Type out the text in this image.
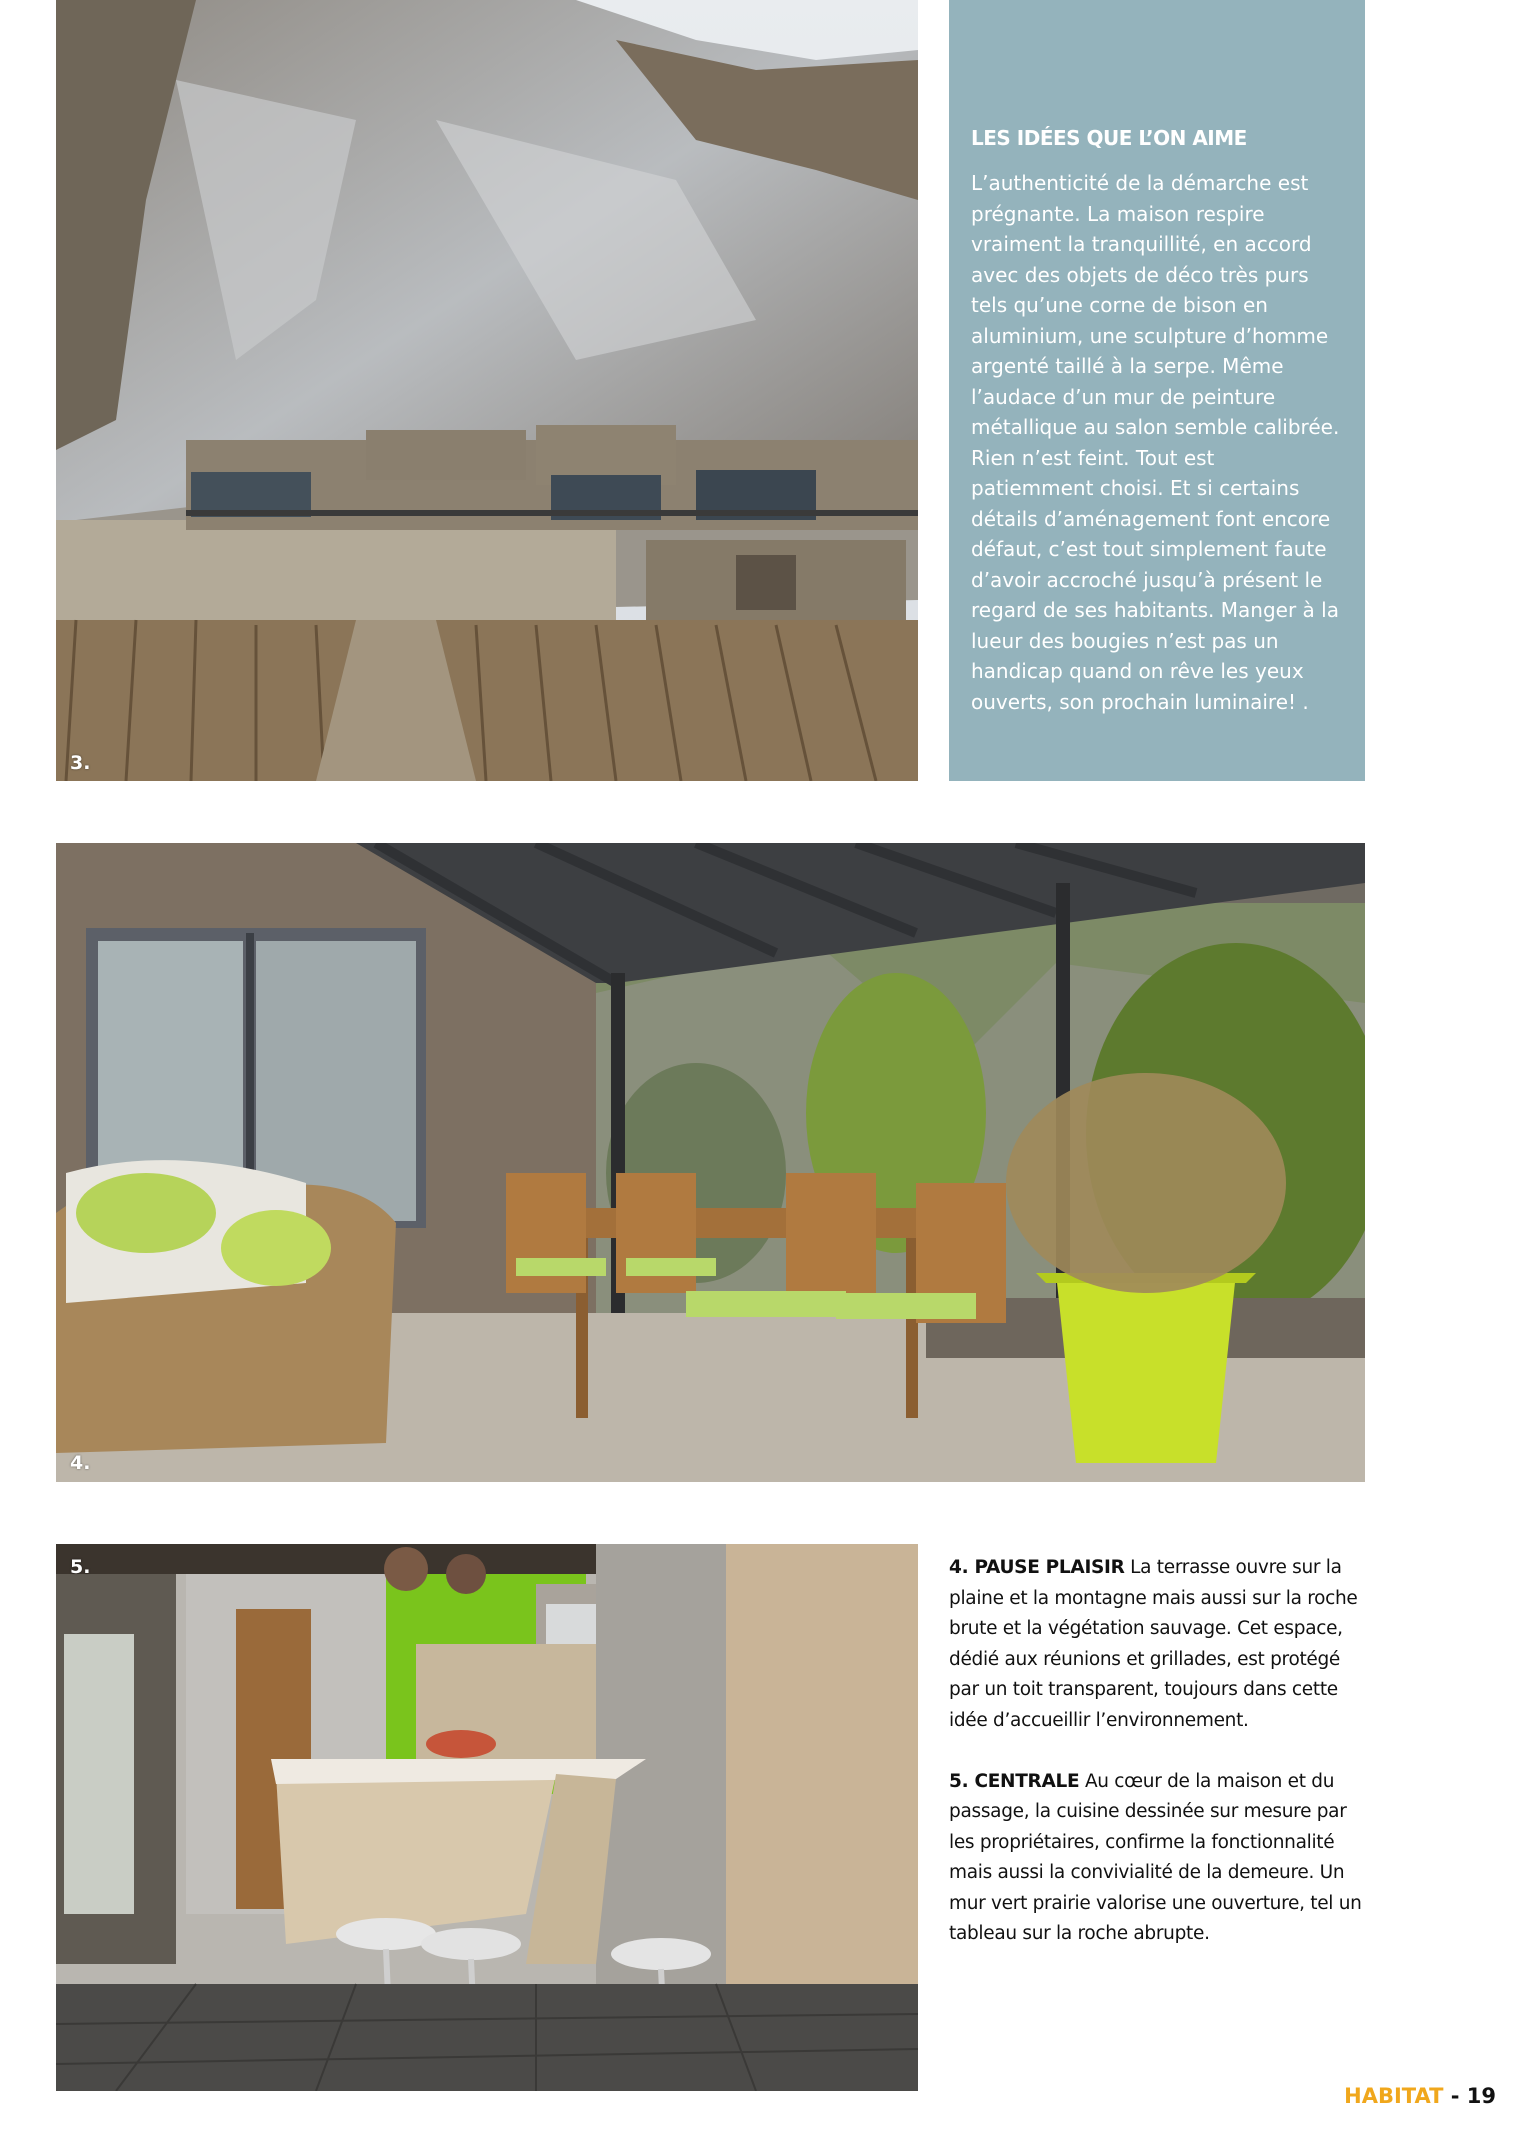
3.
LES IDÉES QUE L’ON AIME

L’authenticité de la démarche est prégnante. La maison respire vraiment la tranquillité, en accord avec des objets de déco très purs tels qu’une corne de bison en aluminium, une sculpture d’homme argenté taillé à la serpe. Même l’audace d’un mur de peinture métallique au salon semble calibrée. Rien n’est feint. Tout est patiemment choisi. Et si certains détails d’aménagement font encore défaut, c’est tout simplement faute d’avoir accroché jusqu’à présent le regard de ses habitants. Manger à la lueur des bougies n’est pas un handicap quand on rêve les yeux ouverts, son prochain luminaire! .

4.
5.	4. PAUSE PLAISIR La terrasse ouvre sur la plaine et la montagne mais aussi sur la roche brute et la végétation sauvage. Cet espace, dédié aux réunions et grillades, est protégé par un toit transparent, toujours dans cette idée d’accueillir l’environnement.

5. CENTRALE Au cœur de la maison et du passage, la cuisine dessinée sur mesure par les propriétaires, confirme la fonctionnalité mais aussi la convivialité de la demeure. Un mur vert prairie valorise une ouverture, tel un tableau sur la roche abrupte.

HABITAT - 19
